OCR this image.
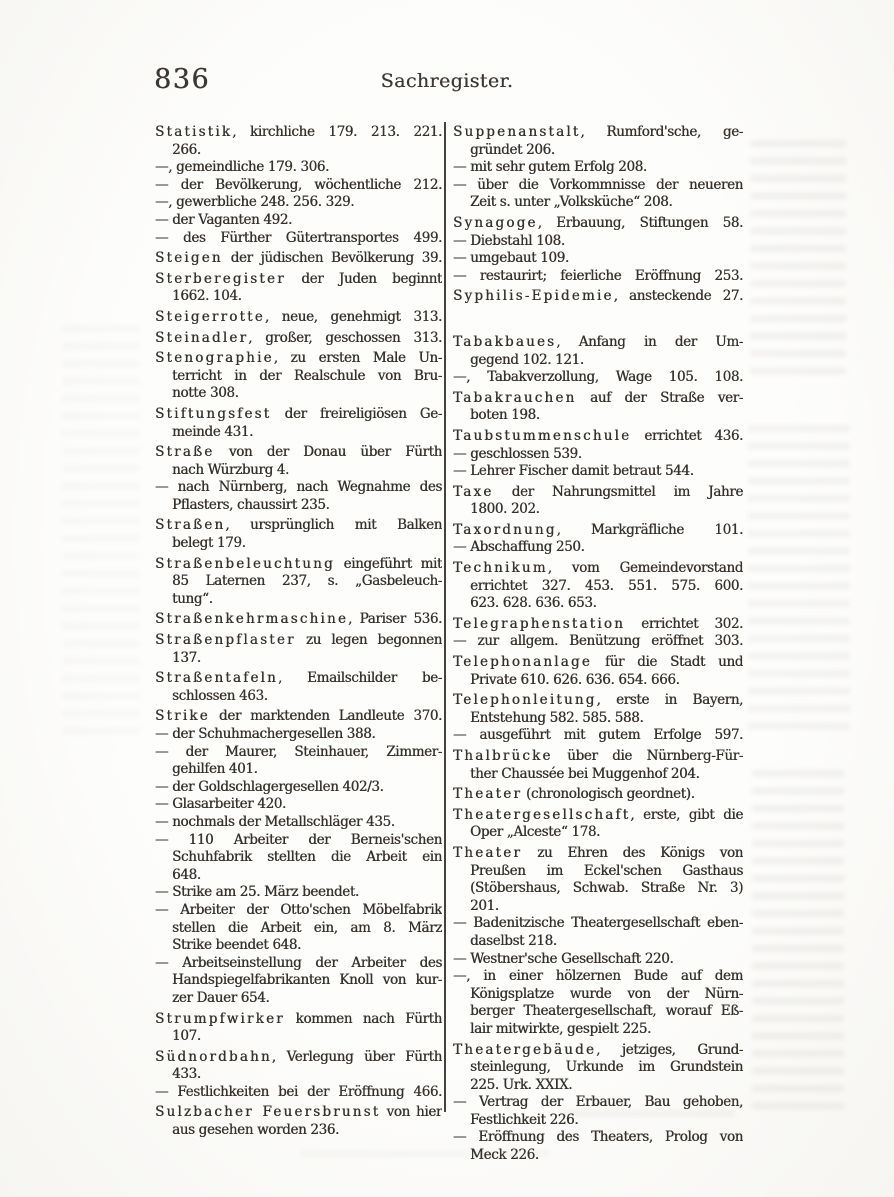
836	Sachregister.
Statistik, kirchliche 179. 213. 221.
266.
—, gemeindliche 179. 306.
— der Bevölkerung, wöchentliche 212.
—, gewerbliche 248. 256. 329.
— der Vaganten 492.
— des Fürther Gütertransportes 499.
Steigen der jüdischen Bevölkerung 39.
Sterberegister der Juden beginnt
1662. 104.
Steigerrotte, neue, genehmigt 313.
Steinadler, großer, geschossen 313.
Stenographie, zu ersten Male Un-
terricht in der Realschule von Bru-
notte 308.
Stiftungsfest der freireligiösen Ge-
meinde 431.
Straße von der Donau über Fürth
nach Würzburg 4.
— nach Nürnberg, nach Wegnahme des
Pflasters, chaussirt 235.
Straßen, ursprünglich mit Balken
belegt 179.
Straßenbeleuchtung eingeführt mit
85 Laternen 237, s. „Gasbeleuch-
tung“.
Straßenkehrmaschine, Pariser 536.
Straßenpflaster zu legen begonnen
137.
Straßentafeln, Emailschilder be-
schlossen 463.
Strike der marktenden Landleute 370.
— der Schuhmachergesellen 388.
— der Maurer, Steinhauer, Zimmer-
gehilfen 401.
— der Goldschlagergesellen 402/3.
— Glasarbeiter 420.
— nochmals der Metallschläger 435.
— 110 Arbeiter der Berneis'schen
Schuhfabrik stellten die Arbeit ein
648.
— Strike am 25. März beendet.
— Arbeiter der Otto'schen Möbelfabrik
stellen die Arbeit ein, am 8. März
Strike beendet 648.
— Arbeitseinstellung der Arbeiter des
Handspiegelfabrikanten Knoll von kur-
zer Dauer 654.
Strumpfwirker kommen nach Fürth
107.
Südnordbahn, Verlegung über Fürth
433.
— Festlichkeiten bei der Eröffnung 466.
Sulzbacher Feuersbrunst von hier
aus gesehen worden 236.
Suppenanstalt, Rumford'sche, ge-
gründet 206.
— mit sehr gutem Erfolg 208.
— über die Vorkommnisse der neueren
Zeit s. unter „Volksküche“ 208.
Synagoge, Erbauung, Stiftungen 58.
— Diebstahl 108.
— umgebaut 109.
— restaurirt; feierliche Eröffnung 253.
Syphilis-Epidemie, ansteckende 27.
Tabakbaues, Anfang in der Um-
gegend 102. 121.
—, Tabakverzollung, Wage 105. 108.
Tabakrauchen auf der Straße ver-
boten 198.
Taubstummenschule errichtet 436.
— geschlossen 539.
— Lehrer Fischer damit betraut 544.
Taxe der Nahrungsmittel im Jahre
1800. 202.
Taxordnung, Markgräfliche 101.
— Abschaffung 250.
Technikum, vom Gemeindevorstand
errichtet 327. 453. 551. 575. 600.
623. 628. 636. 653.
Telegraphenstation errichtet 302.
— zur allgem. Benützung eröffnet 303.
Telephonanlage für die Stadt und
Private 610. 626. 636. 654. 666.
Telephonleitung, erste in Bayern,
Entstehung 582. 585. 588.
— ausgeführt mit gutem Erfolge 597.
Thalbrücke über die Nürnberg-Für-
ther Chaussée bei Muggenhof 204.
Theater (chronologisch geordnet).
Theatergesellschaft, erste, gibt die
Oper „Alceste“ 178.
Theater zu Ehren des Königs von
Preußen im Eckel'schen Gasthaus
(Stöbershaus, Schwab. Straße Nr. 3)
201.
— Badenitzische Theatergesellschaft eben-
daselbst 218.
— Westner'sche Gesellschaft 220.
—, in einer hölzernen Bude auf dem
Königsplatze wurde von der Nürn-
berger Theatergesellschaft, worauf Eß-
lair mitwirkte, gespielt 225.
Theatergebäude, jetziges, Grund-
steinlegung, Urkunde im Grundstein
225. Urk. XXIX.
— Vertrag der Erbauer, Bau gehoben,
Festlichkeit 226.
— Eröffnung des Theaters, Prolog von
Meck 226.
